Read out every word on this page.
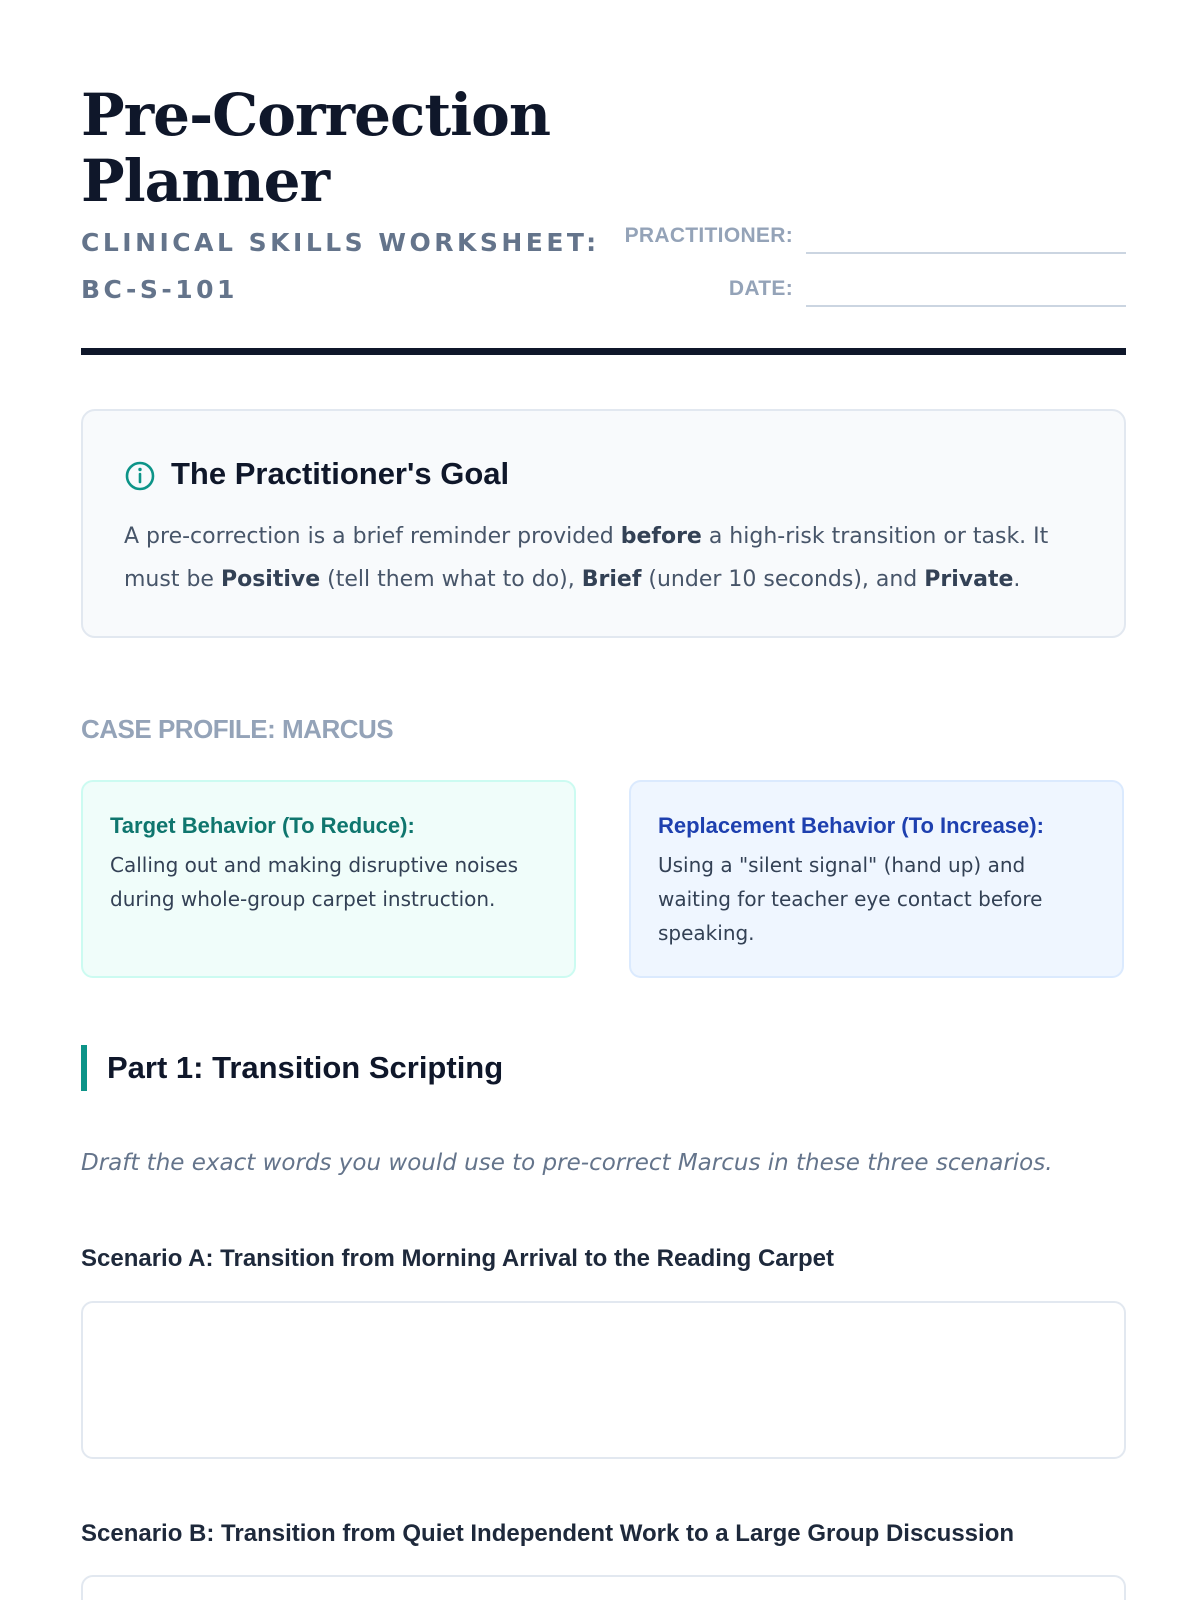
Pre-Correction Planner
CLINICAL SKILLS WORKSHEET: BC-S-101
PRACTITIONER:
DATE:
The Practitioner's Goal

A pre-correction is a brief reminder provided before a high-risk transition or task. It must be Positive (tell them what to do), Brief (under 10 seconds), and Private.

CASE PROFILE: MARCUS
Target Behavior (To Reduce):
Calling out and making disruptive noises during whole-group carpet instruction.
Replacement Behavior (To Increase):
Using a "silent signal" (hand up) and waiting for teacher eye contact before speaking.
Part 1: Transition Scripting

Draft the exact words you would use to pre-correct Marcus in these three scenarios.

Scenario A: Transition from Morning Arrival to the Reading Carpet
Scenario B: Transition from Quiet Independent Work to a Large Group Discussion
